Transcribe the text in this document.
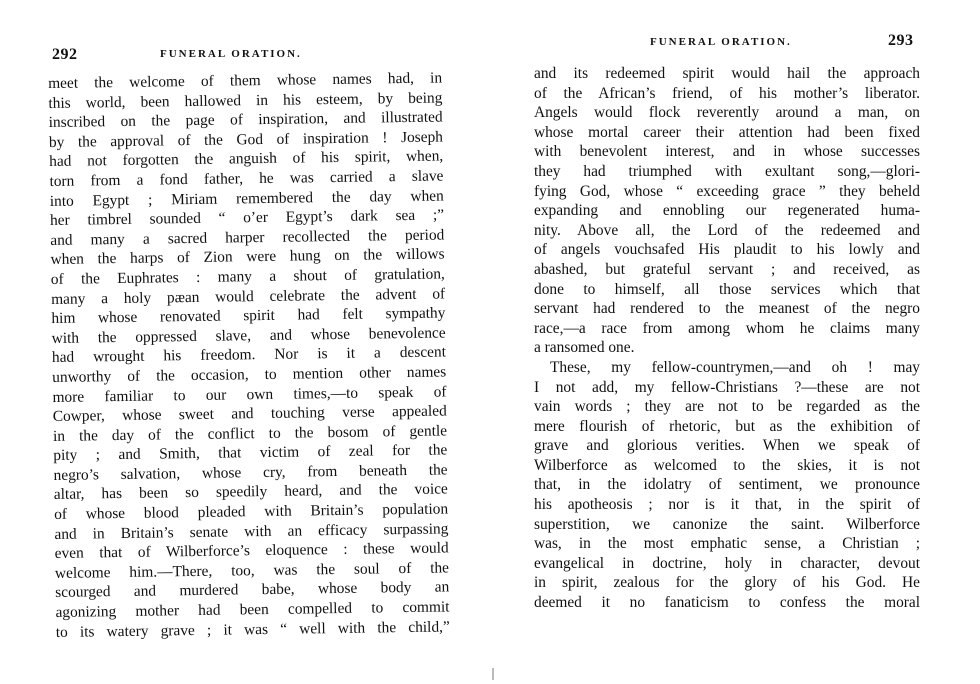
292	FUNERAL ORATION.
meet the welcome of them whose names had, in
this world, been hallowed in his esteem, by being
inscribed on the page of inspiration, and illustrated
by the approval of the God of inspiration ! Joseph
had not forgotten the anguish of his spirit, when,
torn from a fond father, he was carried a slave
into Egypt ; Miriam remembered the day when
her timbrel sounded “ o’er Egypt’s dark sea ;”
and many a sacred harper recollected the period
when the harps of Zion were hung on the willows
of the Euphrates : many a shout of gratulation,
many a holy pæan would celebrate the advent of
him whose renovated spirit had felt sympathy
with the oppressed slave, and whose benevolence
had wrought his freedom. Nor is it a descent
unworthy of the occasion, to mention other names
more familiar to our own times,—to speak of
Cowper, whose sweet and touching verse appealed
in the day of the conflict to the bosom of gentle
pity ; and Smith, that victim of zeal for the
negro’s salvation, whose cry, from beneath the
altar, has been so speedily heard, and the voice
of whose blood pleaded with Britain’s population
and in Britain’s senate with an efficacy surpassing
even that of Wilberforce’s eloquence : these would
welcome him.—There, too, was the soul of the
scourged and murdered babe, whose body an
agonizing mother had been compelled to commit
to its watery grave ; it was “ well with the child,”
FUNERAL ORATION.	293
and its redeemed spirit would hail the approach
of the African’s friend, of his mother’s liberator.
Angels would flock reverently around a man, on
whose mortal career their attention had been fixed
with benevolent interest, and in whose successes
they had triumphed with exultant song,—glori-
fying God, whose “ exceeding grace ” they beheld
expanding and ennobling our regenerated huma-
nity. Above all, the Lord of the redeemed and
of angels vouchsafed His plaudit to his lowly and
abashed, but grateful servant ; and received, as
done to himself, all those services which that
servant had rendered to the meanest of the negro
race,—a race from among whom he claims many
a ransomed one.
These, my fellow-countrymen,—and oh ! may
I not add, my fellow-Christians ?—these are not
vain words ; they are not to be regarded as the
mere flourish of rhetoric, but as the exhibition of
grave and glorious verities. When we speak of
Wilberforce as welcomed to the skies, it is not
that, in the idolatry of sentiment, we pronounce
his apotheosis ; nor is it that, in the spirit of
superstition, we canonize the saint. Wilberforce
was, in the most emphatic sense, a Christian ;
evangelical in doctrine, holy in character, devout
in spirit, zealous for the glory of his God. He
deemed it no fanaticism to confess the moral
